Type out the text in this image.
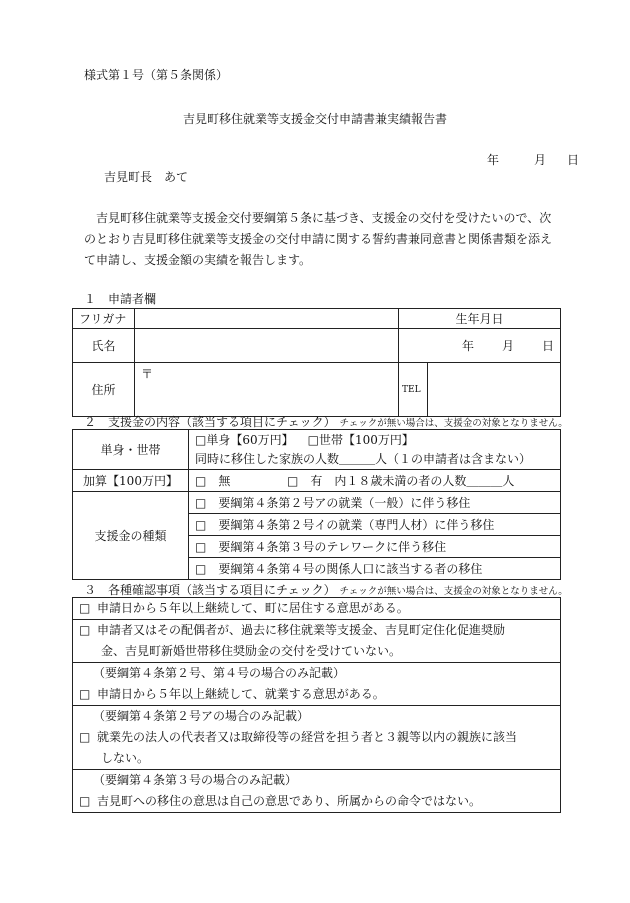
様式第１号（第５条関係）
吉見町移住就業等支援金交付申請書兼実績報告書
年	月 日
吉見町長　あて
吉見町移住就業等支援金交付要綱第５条に基づき、支援金の交付を受けたいので、次のとおり吉見町移住就業等支援金の交付申請に関する誓約書兼同意書と関係書類を添えて申請し、支援金額の実績を報告します。
１　申請者欄
フリガナ		生年月日	
氏名		年 月 日	
住所	〒	TEL	
２　支援金の内容（該当する項目にチェック） チェックが無い場合は、支援金の対象となりません。
単身・世帯	□単身【60万円】 □世帯【100万円】
同時に移住した家族の人数＿＿＿人（１の申請者は含まない）
加算【100万円】	□　無 □　有　内１８歳未満の者の人数＿＿＿人
支援金の種類	□　要綱第４条第２号アの就業（一般）に伴う移住
	□　要綱第４条第２号イの就業（専門人材）に伴う移住
	□　要綱第４条第３号のテレワークに伴う移住
	□　要綱第４条第４号の関係人口に該当する者の移住
３　各種確認事項（該当する項目にチェック） チェックが無い場合は、支援金の対象となりません。
□ 申請日から５年以上継続して、町に居住する意思がある。
□ 申請者又はその配偶者が、過去に移住就業等支援金、吉見町定住化促進奨励
金、吉見町新婚世帯移住奨励金の交付を受けていない。

（要綱第４条第２号、第４号の場合のみ記載）
□ 申請日から５年以上継続して、就業する意思がある。

（要綱第４条第２号アの場合のみ記載）
□ 就業先の法人の代表者又は取締役等の経営を担う者と３親等以内の親族に該当
しない。

（要綱第４条第３号の場合のみ記載）
□ 吉見町への移住の意思は自己の意思であり、所属からの命令ではない。
